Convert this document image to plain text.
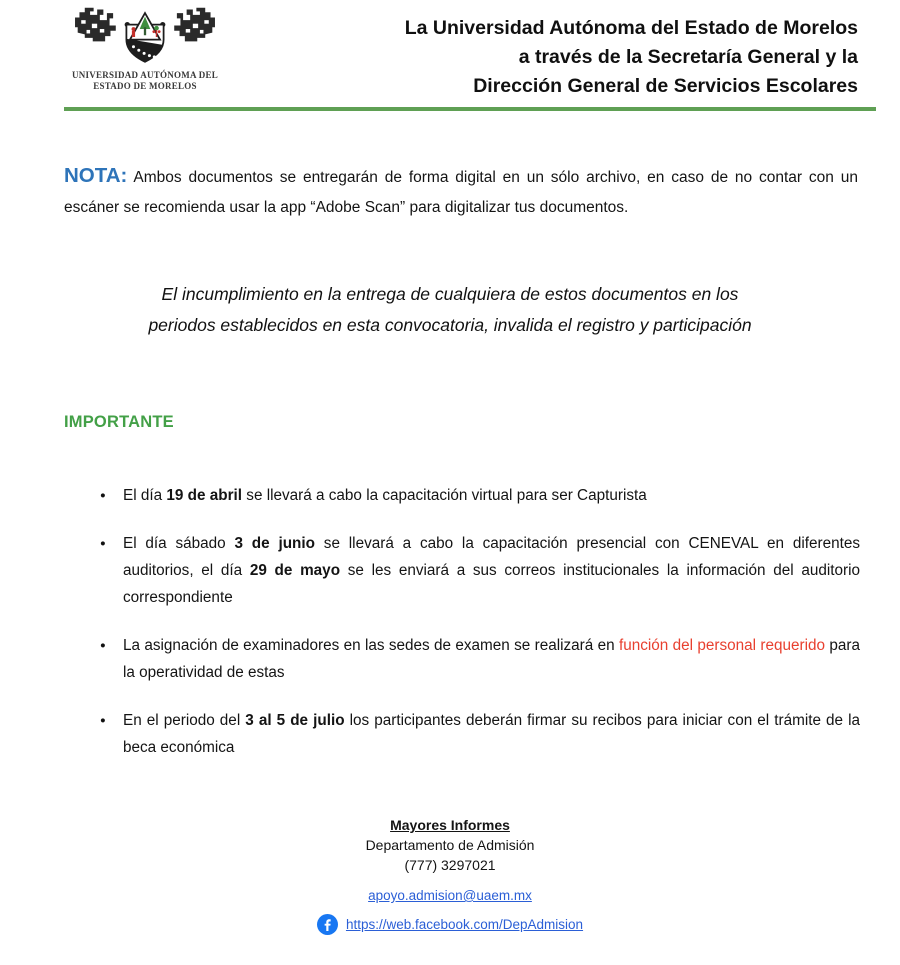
UNIVERSIDAD AUTÓNOMA DEL
ESTADO DE MORELOS
La Universidad Autónoma del Estado de Morelos
a través de la Secretaría General y la
Dirección General de Servicios Escolares

NOTA: Ambos documentos se entregarán de forma digital en un sólo archivo, en caso de no contar con un escáner se recomienda usar la app “Adobe Scan” para digitalizar tus documentos.

El incumplimiento en la entrega de cualquiera de estos documentos en los
periodos establecidos en esta convocatoria, invalida el registro y participación
IMPORTANTE
● El día 19 de abril se llevará a cabo la capacitación virtual para ser Capturista
● El día sábado 3 de junio se llevará a cabo la capacitación presencial con CENEVAL en diferentes auditorios, el día 29 de mayo se les enviará a sus correos institucionales la información del auditorio correspondiente
● La asignación de examinadores en las sedes de examen se realizará en función del personal requerido para la operatividad de estas
● En el periodo del 3 al 5 de julio los participantes deberán firmar su recibos para iniciar con el trámite de la beca económica
Mayores Informes
Departamento de Admisión
(777) 3297021
apoyo.admision@uaem.mx
https://web.facebook.com/DepAdmision
